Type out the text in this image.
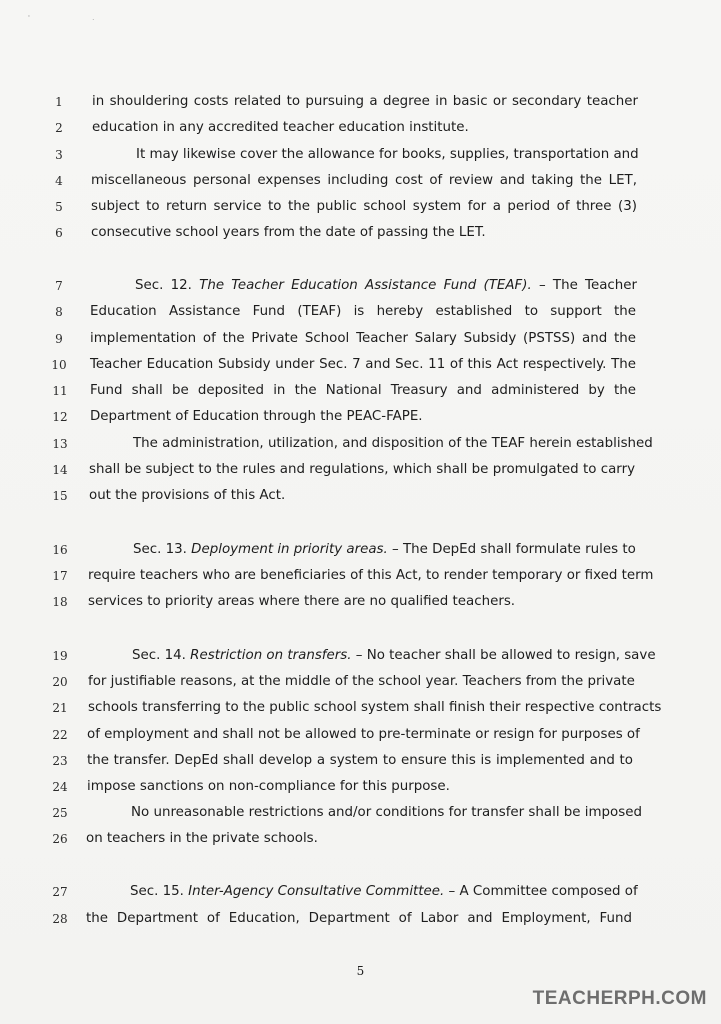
' .
1	in shouldering costs related to pursuing a degree in basic or secondary teacher
2	education in any accredited teacher education institute.
3	It may likewise cover the allowance for books, supplies, transportation and
4	miscellaneous personal expenses including cost of review and taking the LET,
5	subject to return service to the public school system for a period of three (3)
6	consecutive school years from the date of passing the LET.
7	Sec. 12. The Teacher Education Assistance Fund (TEAF). – The Teacher
8	Education Assistance Fund (TEAF) is hereby established to support the
9	implementation of the Private School Teacher Salary Subsidy (PSTSS) and the
10	Teacher Education Subsidy under Sec. 7 and Sec. 11 of this Act respectively. The
11	Fund shall be deposited in the National Treasury and administered by the
12	Department of Education through the PEAC-FAPE.
13	The administration, utilization, and disposition of the TEAF herein established
14	shall be subject to the rules and regulations, which shall be promulgated to carry
15	out the provisions of this Act.
16	Sec. 13. Deployment in priority areas. – The DepEd shall formulate rules to
17	require teachers who are beneficiaries of this Act, to render temporary or fixed term
18	services to priority areas where there are no qualified teachers.
19	Sec. 14. Restriction on transfers. – No teacher shall be allowed to resign, save
20	for justifiable reasons, at the middle of the school year. Teachers from the private
21	schools transferring to the public school system shall finish their respective contracts
22	of employment and shall not be allowed to pre-terminate or resign for purposes of
23	the transfer. DepEd shall develop a system to ensure this is implemented and to
24	impose sanctions on non-compliance for this purpose.
25	No unreasonable restrictions and/or conditions for transfer shall be imposed
26	on teachers in the private schools.
27	Sec. 15. Inter-Agency Consultative Committee. – A Committee composed of
28	the Department of Education, Department of Labor and Employment, Fund
5
TEACHERPH.COM
